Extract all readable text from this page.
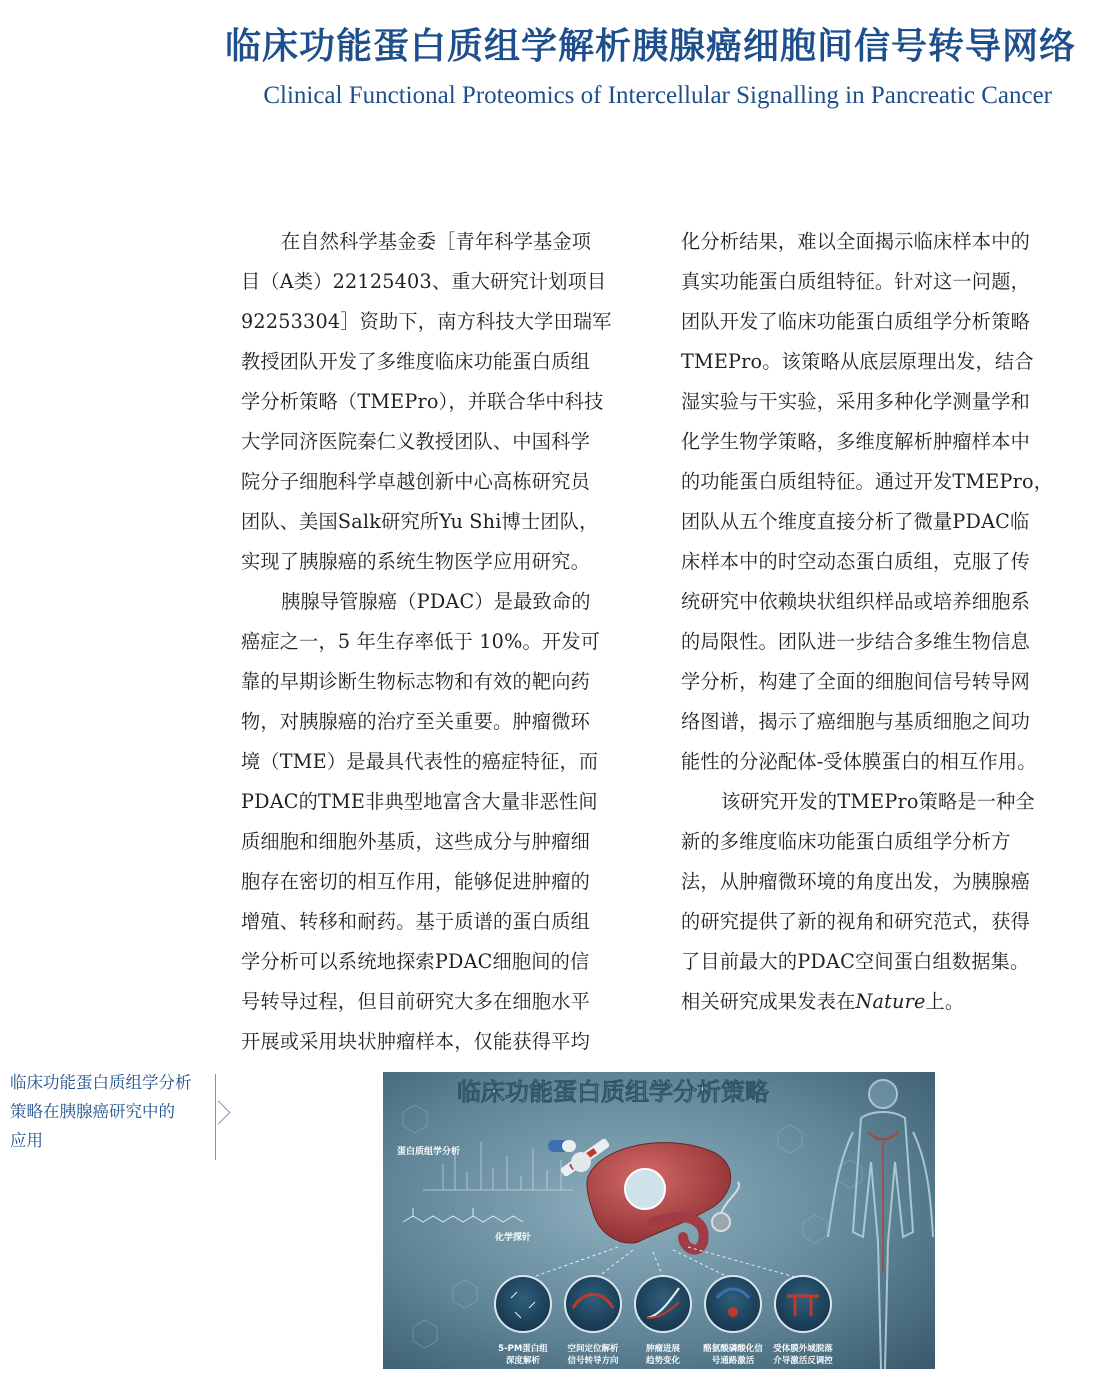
临床功能蛋白质组学解析胰腺癌细胞间信号转导网络
Clinical Functional Proteomics of Intercellular Signalling in Pancreatic Cancer
在自然科学基金委［青年科学基金项
目（A类）22125403、重大研究计划项目
92253304］资助下，南方科技大学田瑞军
教授团队开发了多维度临床功能蛋白质组
学分析策略（TMEPro），并联合华中科技
大学同济医院秦仁义教授团队、中国科学
院分子细胞科学卓越创新中心高栋研究员
团队、美国Salk研究所Yu Shi博士团队，
实现了胰腺癌的系统生物医学应用研究。
胰腺导管腺癌（PDAC）是最致命的
癌症之一，5 年生存率低于 10%。开发可
靠的早期诊断生物标志物和有效的靶向药
物，对胰腺癌的治疗至关重要。肿瘤微环
境（TME）是最具代表性的癌症特征，而
PDAC的TME非典型地富含大量非恶性间
质细胞和细胞外基质，这些成分与肿瘤细
胞存在密切的相互作用，能够促进肿瘤的
增殖、转移和耐药。基于质谱的蛋白质组
学分析可以系统地探索PDAC细胞间的信
号转导过程，但目前研究大多在细胞水平
开展或采用块状肿瘤样本，仅能获得平均
化分析结果，难以全面揭示临床样本中的
真实功能蛋白质组特征。针对这一问题，
团队开发了临床功能蛋白质组学分析策略
TMEPro。该策略从底层原理出发，结合
湿实验与干实验，采用多种化学测量学和
化学生物学策略，多维度解析肿瘤样本中
的功能蛋白质组特征。通过开发TMEPro，
团队从五个维度直接分析了微量PDAC临
床样本中的时空动态蛋白质组，克服了传
统研究中依赖块状组织样品或培养细胞系
的局限性。团队进一步结合多维生物信息
学分析，构建了全面的细胞间信号转导网
络图谱，揭示了癌细胞与基质细胞之间功
能性的分泌配体-受体膜蛋白的相互作用。
该研究开发的TMEPro策略是一种全
新的多维度临床功能蛋白质组学分析方
法，从肿瘤微环境的角度出发，为胰腺癌
的研究提供了新的视角和研究范式，获得
了目前最大的PDAC空间蛋白组数据集。
相关研究成果发表在Nature上。
临床功能蛋白质组学分析
策略在胰腺癌研究中的
应用
临床功能蛋白质组学分析策略
蛋白质组学分析
化学探针
5-PM蛋白组
深度解析
空间定位解析
信号转导方向
肿瘤进展
趋势变化
酪氨酸磷酸化信
号通路激活
受体膜外域脱落
介导激活反调控
